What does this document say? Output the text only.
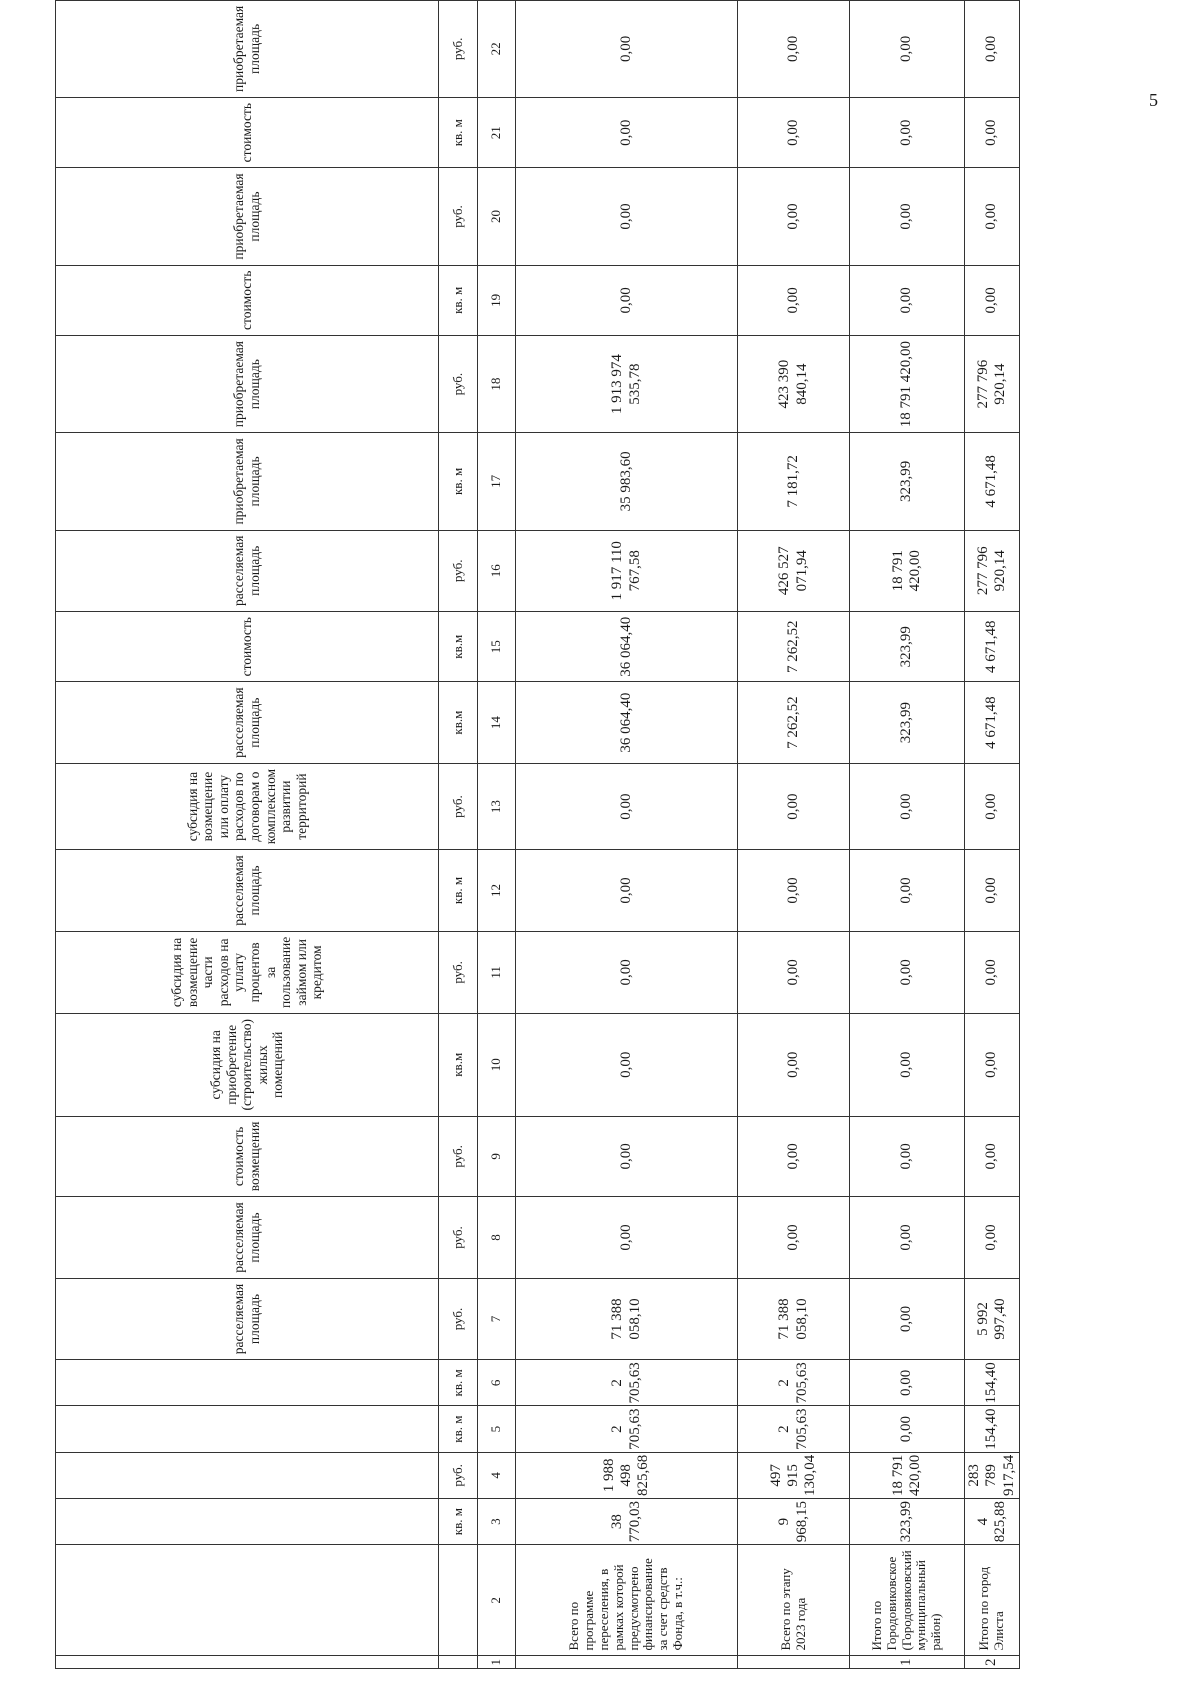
						расселяемая площадь	расселяемая площадь	стоимость возмещения	субсидия на приобретение (строительство) жилых помещений	субсидия на возмещение части расходов на уплату процентов за пользование займом или кредитом	расселяемая площадь	субсидия на возмещение или оплату расходов по договорам о комплексном развитии территорий	расселяемая площадь	стоимость	расселяемая площадь	приобретаемая площадь	приобретаемая площадь	стоимость	приобретаемая площадь	стоимость	приобретаемая площадь										
		кв. м	руб.	кв. м	кв. м	руб.	руб.	руб.	кв.м	руб.	кв. м	руб.	кв.м	кв.м	руб.	кв. м	руб.	кв. м	руб.	кв. м	руб.							
1	2	3	4	5	6	7	8	9	10	11	12	13	14	15	16	17	18	19	20	21	22							
	Всего по программе переселения, в рамках которой предусмотрено финансирование за счет средств Фонда, в т.ч.:	38 770,03	1 988 498 825,68	2 705,63	2 705,63	71 388 058,10	0,00	0,00	0,00	0,00	0,00	0,00	36 064,40	36 064,40	1 917 110 767,58	35 983,60	1 913 974 535,78	0,00	0,00	0,00	0,00							
	Всего по этапу 2023 года	9 968,15	497 915 130,04	2 705,63	2 705,63	71 388 058,10	0,00	0,00	0,00	0,00	0,00	0,00	7 262,52	7 262,52	426 527 071,94	7 181,72	423 390 840,14	0,00	0,00	0,00	0,00							
1	Итого по Городовиковское (Городовиковский муниципальный район)	323,99	18 791 420,00	0,00	0,00	0,00	0,00	0,00	0,00	0,00	0,00	0,00	323,99	323,99	18 791 420,00	323,99	18 791 420,00	0,00	0,00	0,00	0,00							
2	Итого по город Элиста	4 825,88	283 789 917,54	154,40	154,40	5 992 997,40	0,00	0,00	0,00	0,00	0,00	0,00	4 671,48	4 671,48	277 796 920,14	4 671,48	277 796 920,14	0,00	0,00	0,00	0,00							
5
